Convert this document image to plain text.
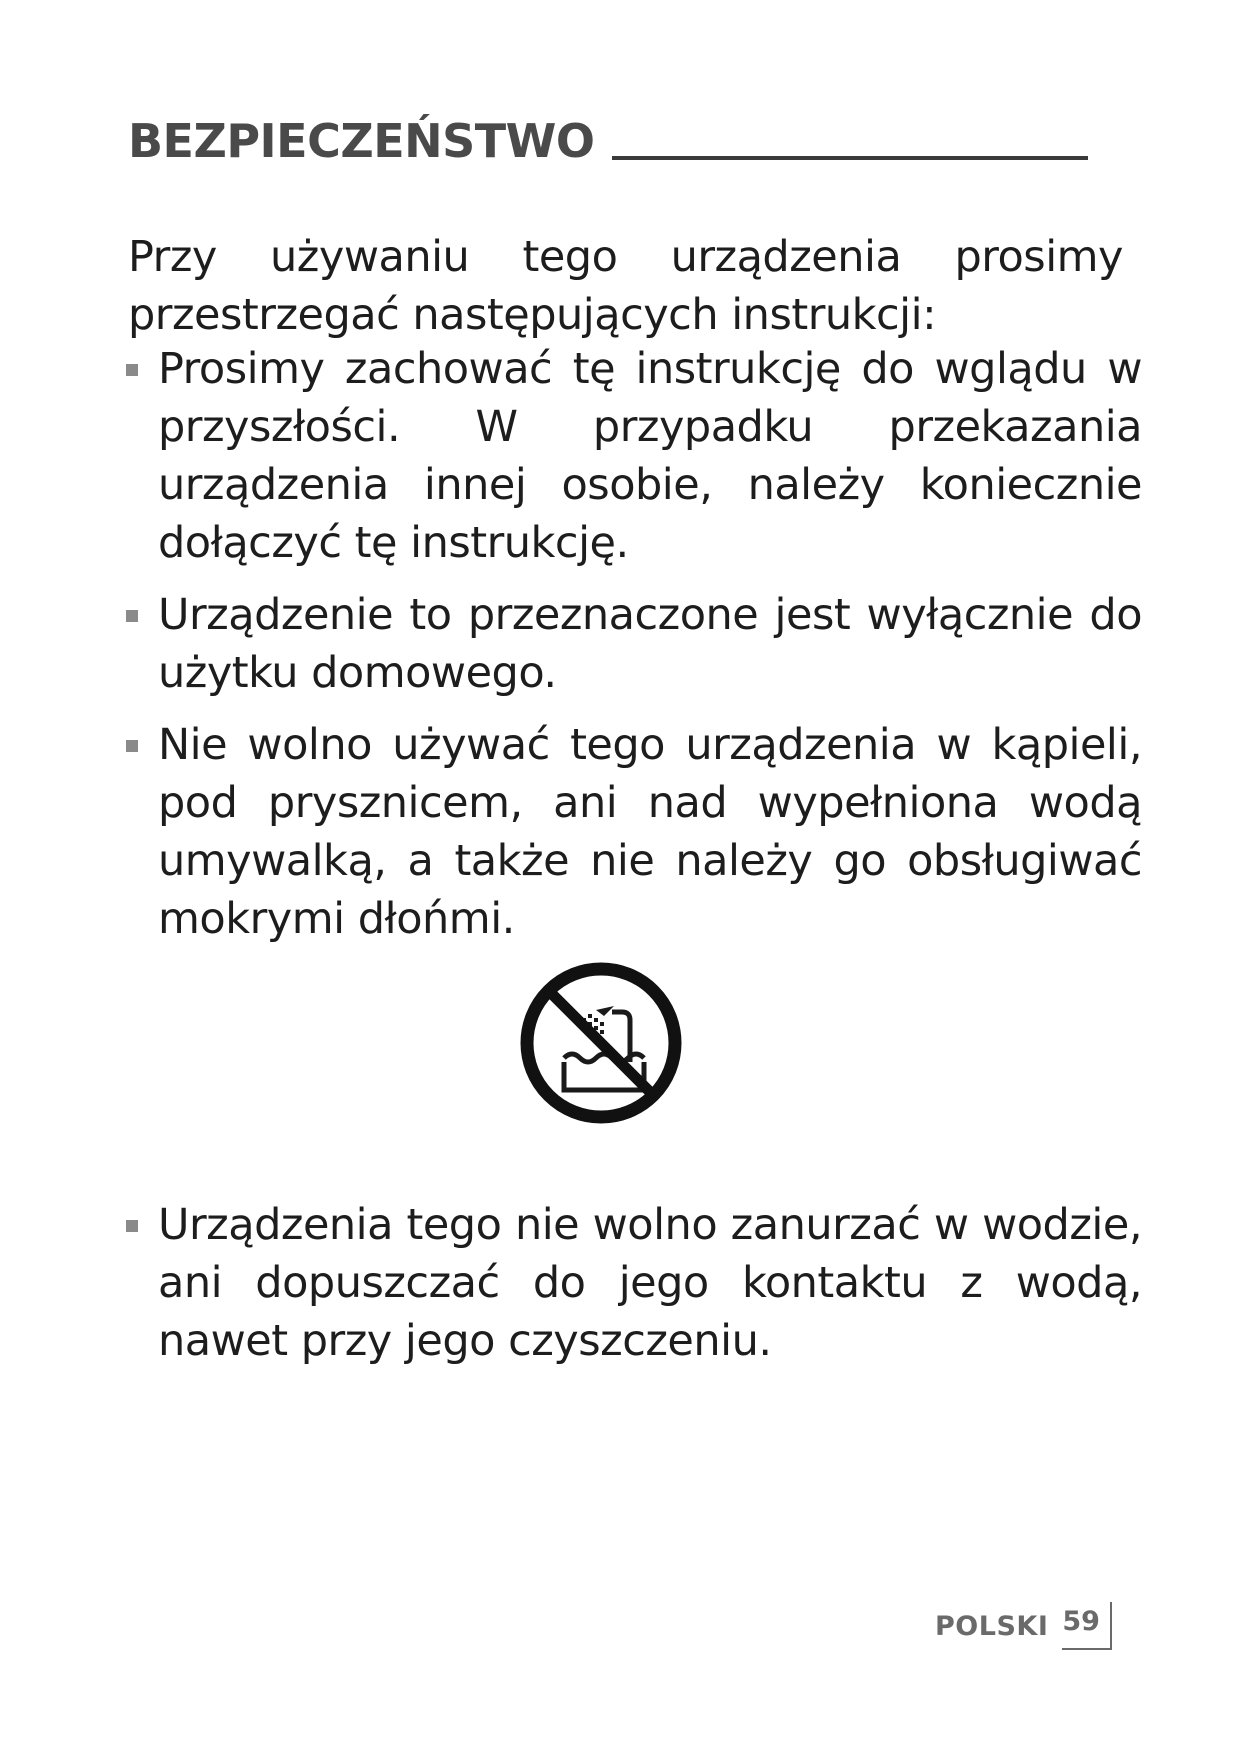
BEZPIECZEŃSTWO

Przy używaniu tego urządzenia prosimy przestrzegać następujących instrukcji:

Prosimy zachować tę instrukcję do wglądu w przyszłości. W przypadku przekazania urządzenia innej osobie, należy koniecznie dołączyć tę instrukcję.
Urządzenie to przeznaczone jest wyłącznie do użytku domowego.
Nie wolno używać tego urządzenia w kąpieli, pod prysznicem, ani nad wypełniona wodą umywalką, a także nie należy go obsługiwać mokrymi dłońmi.
Urządzenia tego nie wolno zanurzać w wodzie, ani dopuszczać do jego kontaktu z wodą, nawet przy jego czyszczeniu.
POLSKI 59
